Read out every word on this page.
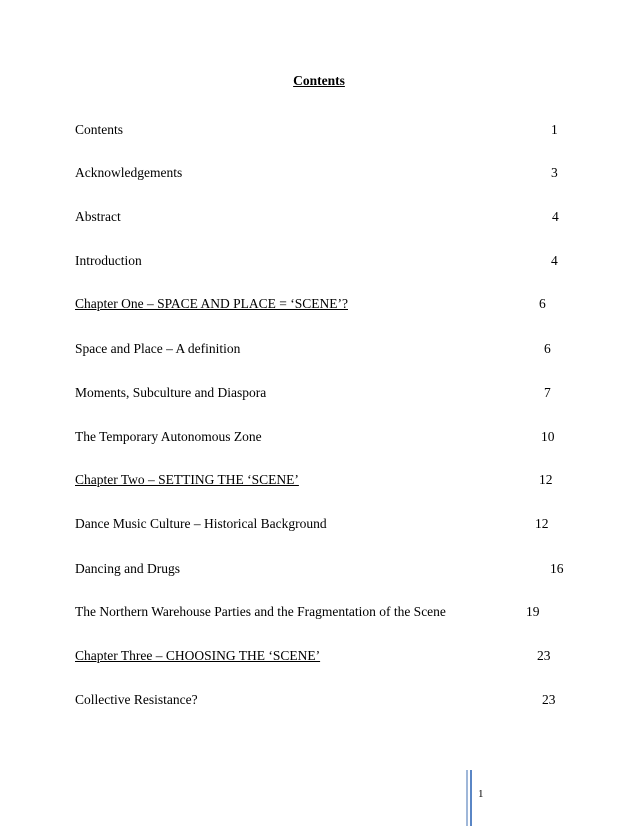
Contents
Contents	1
Acknowledgements	3
Abstract	4
Introduction	4
Chapter One – SPACE AND PLACE = ‘SCENE’?	6
Space and Place – A definition	6
Moments, Subculture and Diaspora	7
The Temporary Autonomous Zone	10
Chapter Two – SETTING THE ‘SCENE’	12
Dance Music Culture – Historical Background	12
Dancing and Drugs	16
The Northern Warehouse Parties and the Fragmentation of the Scene	19
Chapter Three – CHOOSING THE ‘SCENE’	23
Collective Resistance?	23
1
